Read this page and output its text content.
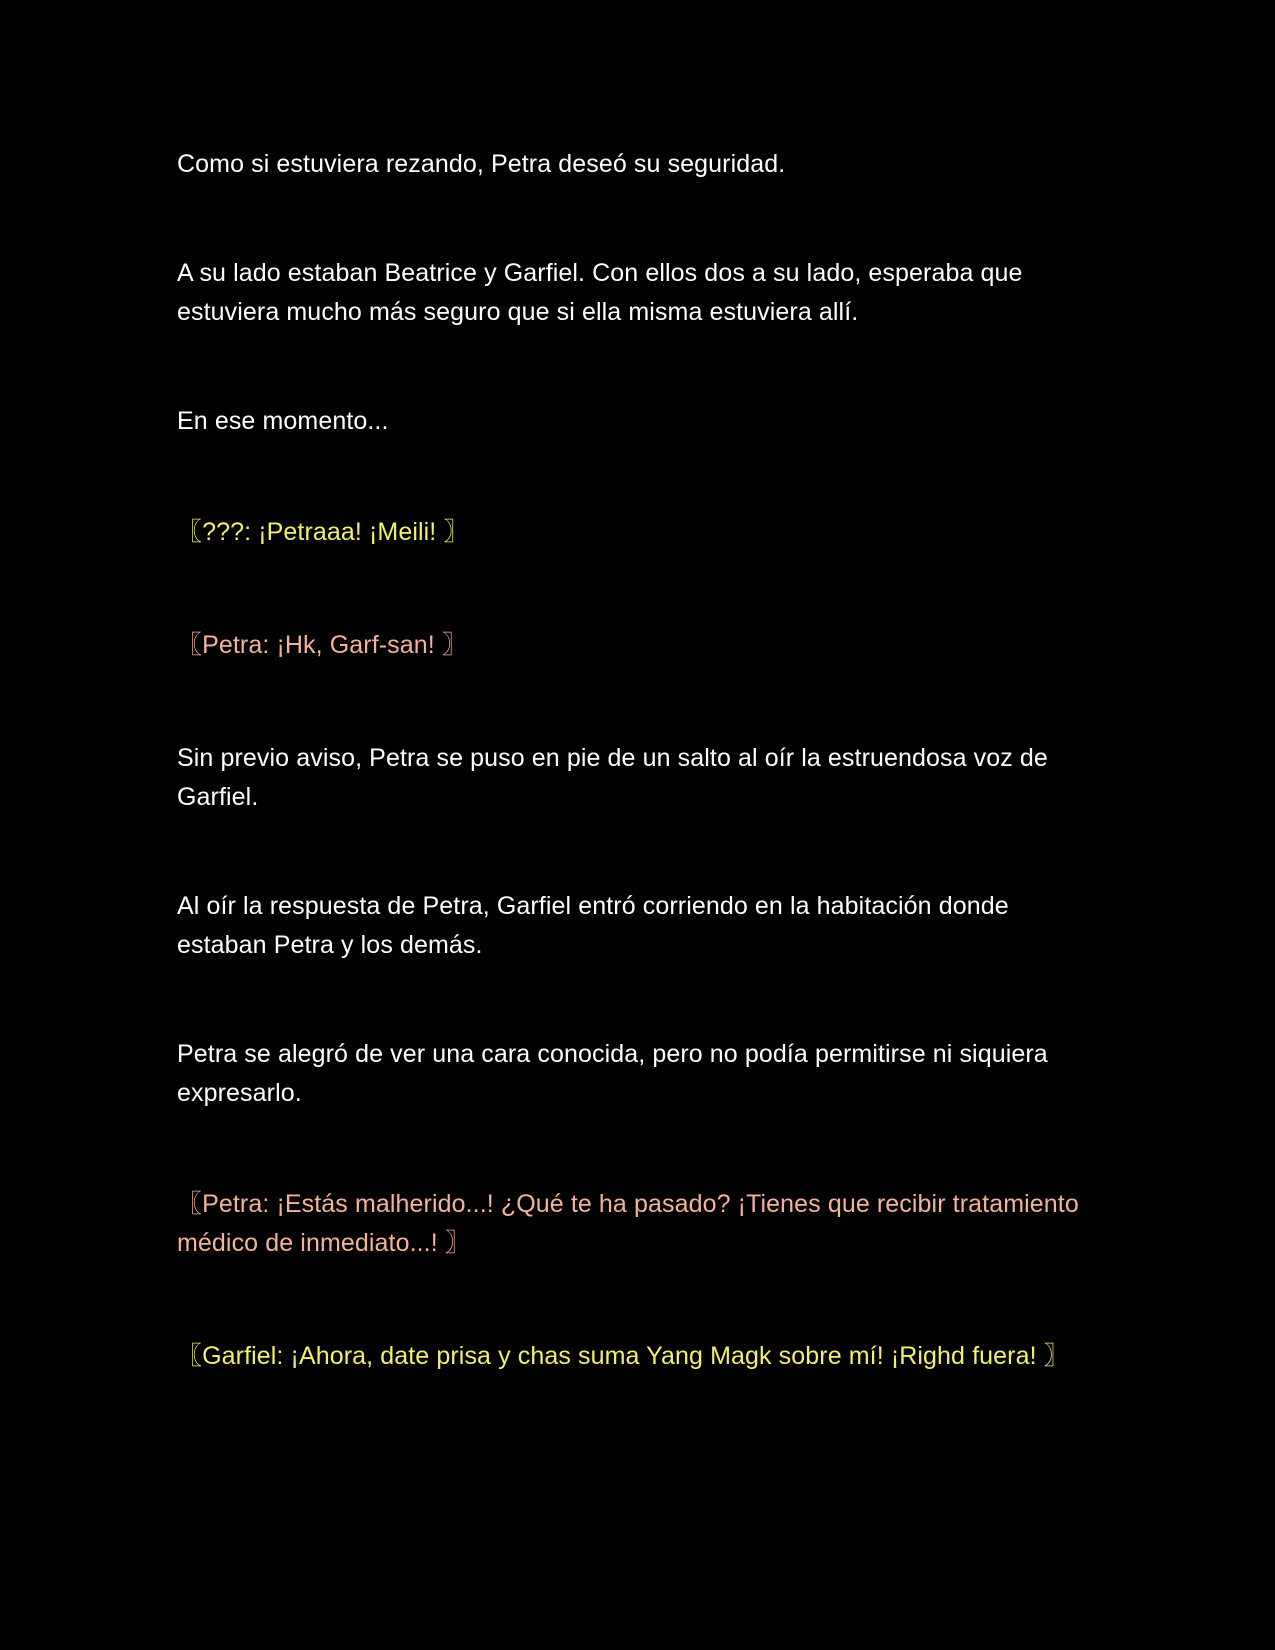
Como si estuviera rezando, Petra deseó su seguridad.

A su lado estaban Beatrice y Garfiel. Con ellos dos a su lado, esperaba que estuviera mucho más seguro que si ella misma estuviera allí.

En ese momento...

〖???: ¡Petraaa! ¡Meili! 〗

〖Petra: ¡Hk, Garf-san! 〗

Sin previo aviso, Petra se puso en pie de un salto al oír la estruendosa voz de Garfiel.

Al oír la respuesta de Petra, Garfiel entró corriendo en la habitación donde estaban Petra y los demás.

Petra se alegró de ver una cara conocida, pero no podía permitirse ni siquiera expresarlo.

〖Petra: ¡Estás malherido...! ¿Qué te ha pasado? ¡Tienes que recibir tratamiento médico de inmediato...! 〗

〖Garfiel: ¡Ahora, date prisa y chas suma Yang Magk sobre mí! ¡Righd fuera! 〗
